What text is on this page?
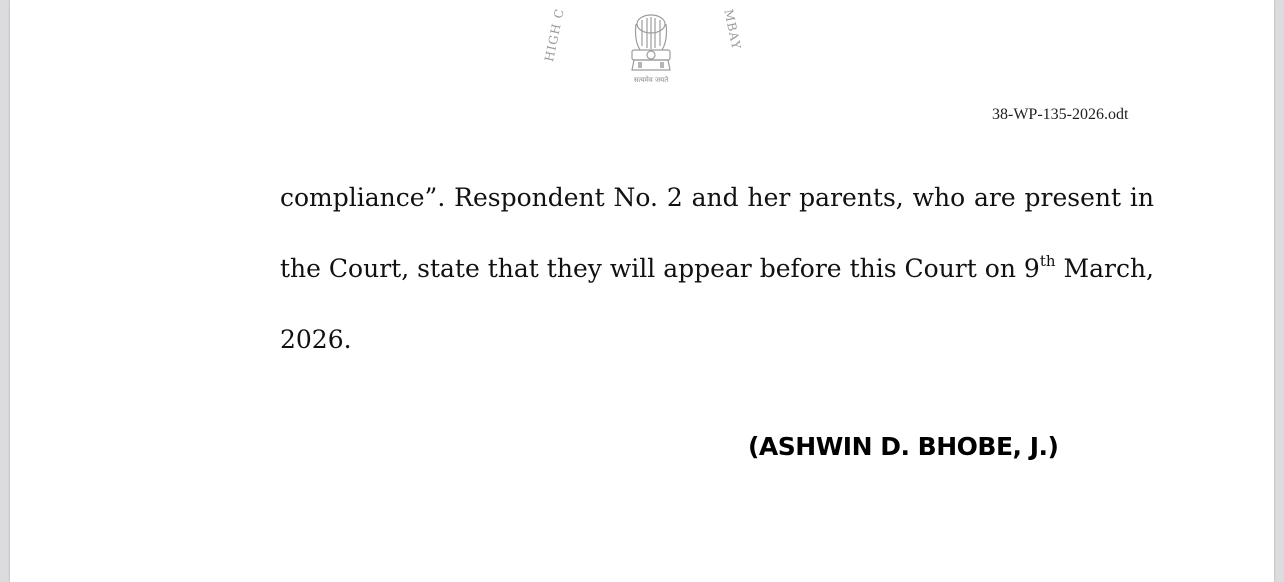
HIGH C
सत्यमेव जयते
MBAY
38-WP-135-2026.odt
compliance”. Respondent No. 2 and her parents, who are present in the Court, state that they will appear before this Court on 9th March, 2026.
(ASHWIN D. BHOBE, J.)
